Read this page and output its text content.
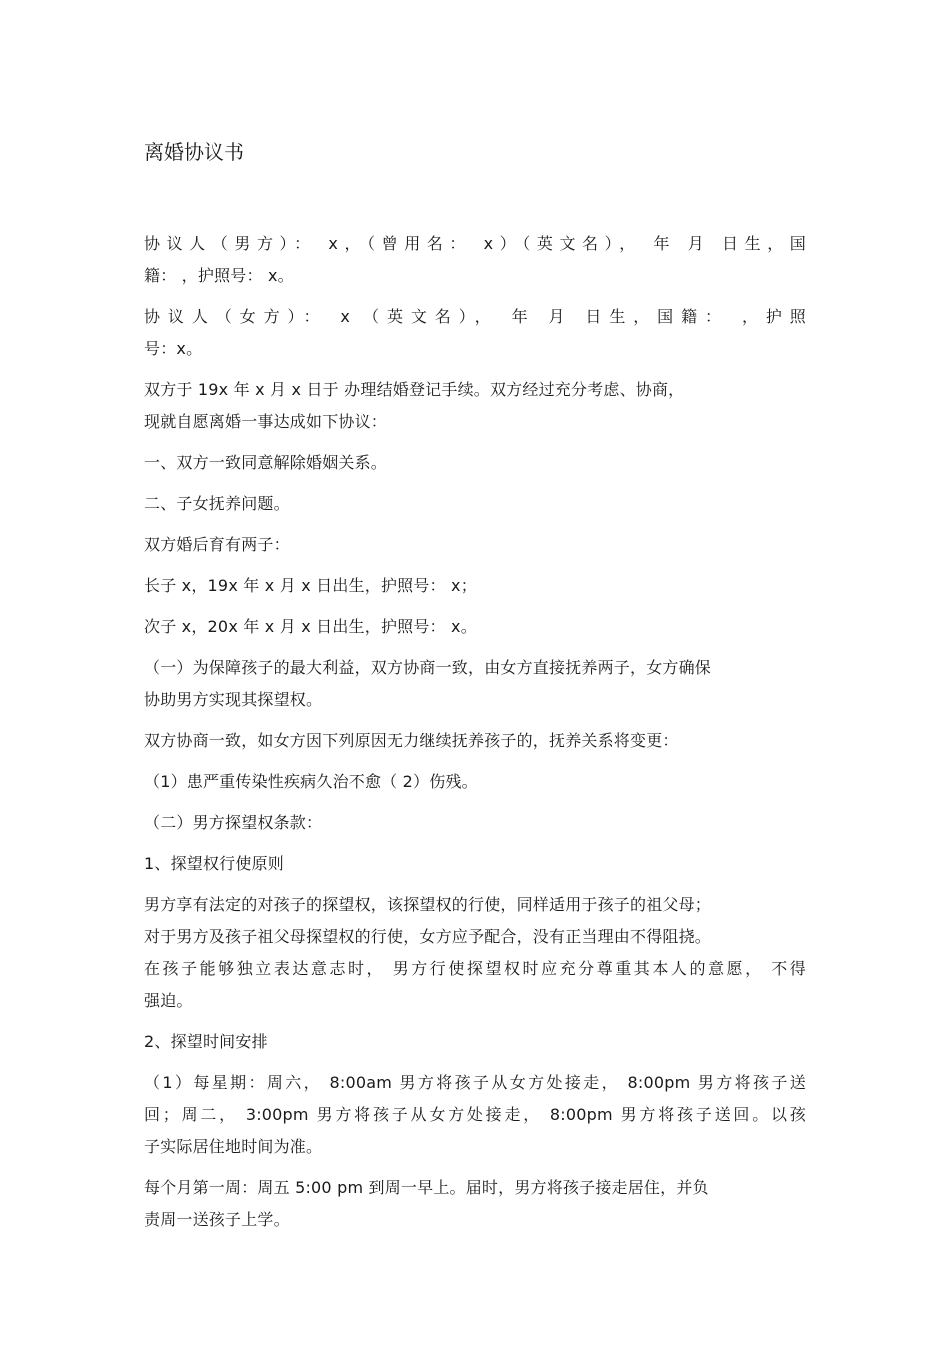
离婚协议书

协议人（男方）： x，（曾用名： x）（英文名）， 年 月 日生，国
籍： ，护照号： x。

协议人（女方）： x （英文名）， 年 月 日生，国籍： ，护照
号：x。

双方于 19x 年 x 月 x 日于 办理结婚登记手续。双方经过充分考虑、协商，
现就自愿离婚一事达成如下协议：

一、双方一致同意解除婚姻关系。

二、子女抚养问题。

双方婚后育有两子：

长子 x，19x 年 x 月 x 日出生，护照号： x；

次子 x，20x 年 x 月 x 日出生，护照号： x。

（一）为保障孩子的最大利益，双方协商一致，由女方直接抚养两子，女方确保
协助男方实现其探望权。

双方协商一致，如女方因下列原因无力继续抚养孩子的，抚养关系将变更：

（1）患严重传染性疾病久治不愈（ 2）伤残。

（二）男方探望权条款：

1、探望权行使原则

男方享有法定的对孩子的探望权，该探望权的行使，同样适用于孩子的祖父母；
对于男方及孩子祖父母探望权的行使，女方应予配合，没有正当理由不得阻挠。
在孩子能够独立表达意志时， 男方行使探望权时应充分尊重其本人的意愿， 不得
强迫。

2、探望时间安排

（1）每星期：周六， 8:00am 男方将孩子从女方处接走， 8:00pm 男方将孩子送
回；周二， 3:00pm 男方将孩子从女方处接走， 8:00pm 男方将孩子送回。以孩
子实际居住地时间为准。

每个月第一周：周五 5:00 pm 到周一早上。届时，男方将孩子接走居住，并负
责周一送孩子上学。
